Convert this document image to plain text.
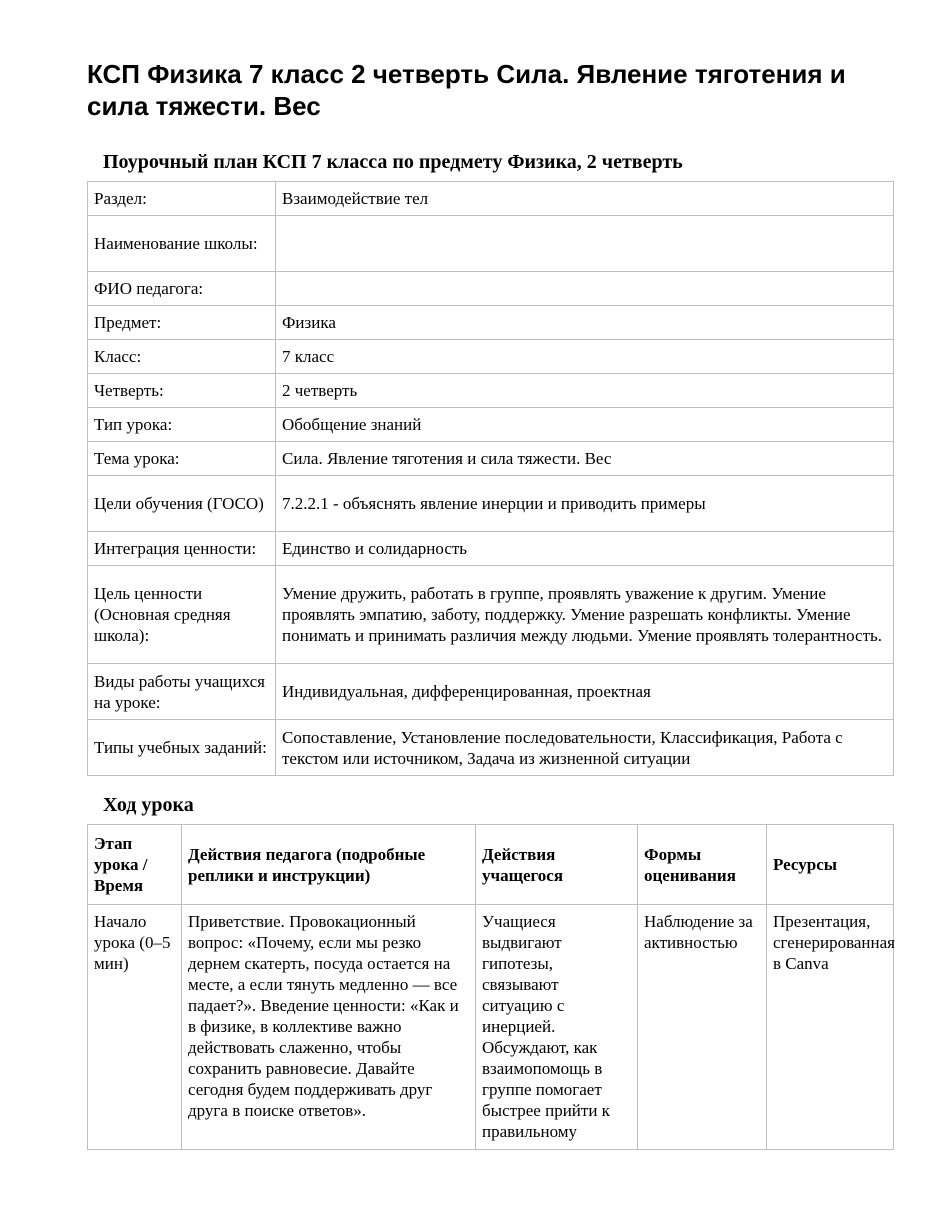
КСП Физика 7 класс 2 четверть Сила. Явление тяготения и сила тяжести. Вес
Поурочный план КСП 7 класса по предмету Физика, 2 четверть
Раздел:	Взаимодействие тел
Наименование школы:	
ФИО педагога:	
Предмет:	Физика
Класс:	7 класс
Четверть:	2 четверть
Тип урока:	Обобщение знаний
Тема урока:	Сила. Явление тяготения и сила тяжести. Вес
Цели обучения (ГОСО)	7.2.2.1 - объяснять явление инерции и приводить примеры
Интеграция ценности:	Единство и солидарность
Цель ценности (Основная средняя школа):	Умение дружить, работать в группе, проявлять уважение к другим. Умение проявлять эмпатию, заботу, поддержку. Умение разрешать конфликты. Умение понимать и принимать различия между людьми. Умение проявлять толерантность.
Виды работы учащихся на уроке:	Индивидуальная, дифференцированная, проектная
Типы учебных заданий:	Сопоставление, Установление последовательности, Классификация, Работа с текстом или источником, Задача из жизненной ситуации
Ход урока
Этап урока / Время	Действия педагога (подробные реплики и инструкции)	Действия учащегося	Формы оценивания	Ресурсы
Начало урока (0–5 мин)	Приветствие. Провокационный вопрос: «Почему, если мы резко дернем скатерть, посуда остается на месте, а если тянуть медленно — все падает?». Введение ценности: «Как и в физике, в коллективе важно действовать слаженно, чтобы сохранить равновесие. Давайте сегодня будем поддерживать друг друга в поиске ответов».	Учащиеся выдвигают гипотезы, связывают ситуацию с инерцией. Обсуждают, как взаимопомощь в группе помогает быстрее прийти к правильному	Наблюдение за активностью	Презентация, сгенерированная в Canva
